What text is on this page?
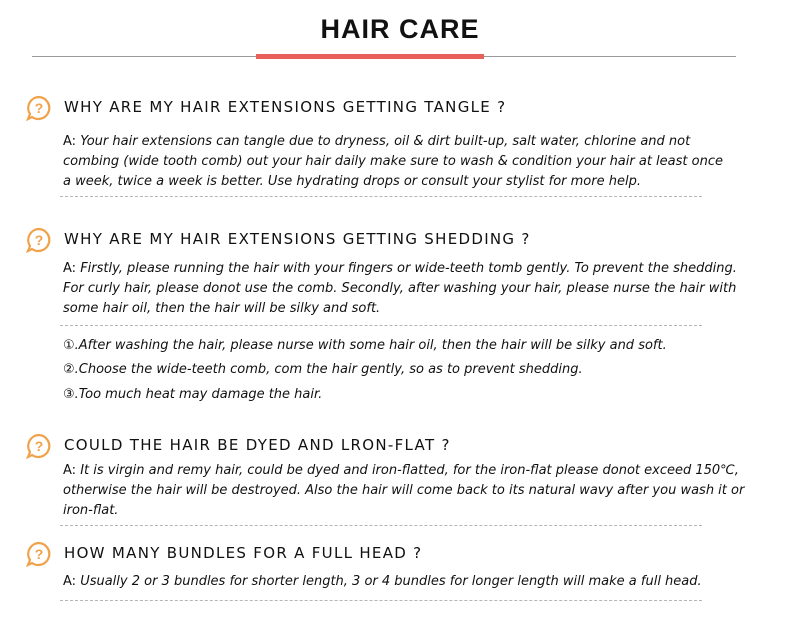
HAIR CARE
? WHY ARE MY HAIR EXTENSIONS GETTING TANGLE ?
A: Your hair extensions can tangle due to dryness, oil & dirt built-up, salt water, chlorine and not
combing (wide tooth comb) out your hair daily make sure to wash & condition your hair at least once
a week, twice a week is better. Use hydrating drops or consult your stylist for more help.
? WHY ARE MY HAIR EXTENSIONS GETTING SHEDDING ?
A: Firstly, please running the hair with your fingers or wide-teeth tomb gently. To prevent the shedding.
For curly hair, please donot use the comb. Secondly, after washing your hair, please nurse the hair with
some hair oil, then the hair will be silky and soft.
①.After washing the hair, please nurse with some hair oil, then the hair will be silky and soft.
②.Choose the wide-teeth comb, com the hair gently, so as to prevent shedding.
③.Too much heat may damage the hair.
? COULD THE HAIR BE DYED AND LRON-FLAT ?
A: It is virgin and remy hair, could be dyed and iron-flatted, for the iron-flat please donot exceed 150℃,
otherwise the hair will be destroyed. Also the hair will come back to its natural wavy after you wash it or
iron-flat.
? HOW MANY BUNDLES FOR A FULL HEAD ?
A: Usually 2 or 3 bundles for shorter length, 3 or 4 bundles for longer length will make a full head.
